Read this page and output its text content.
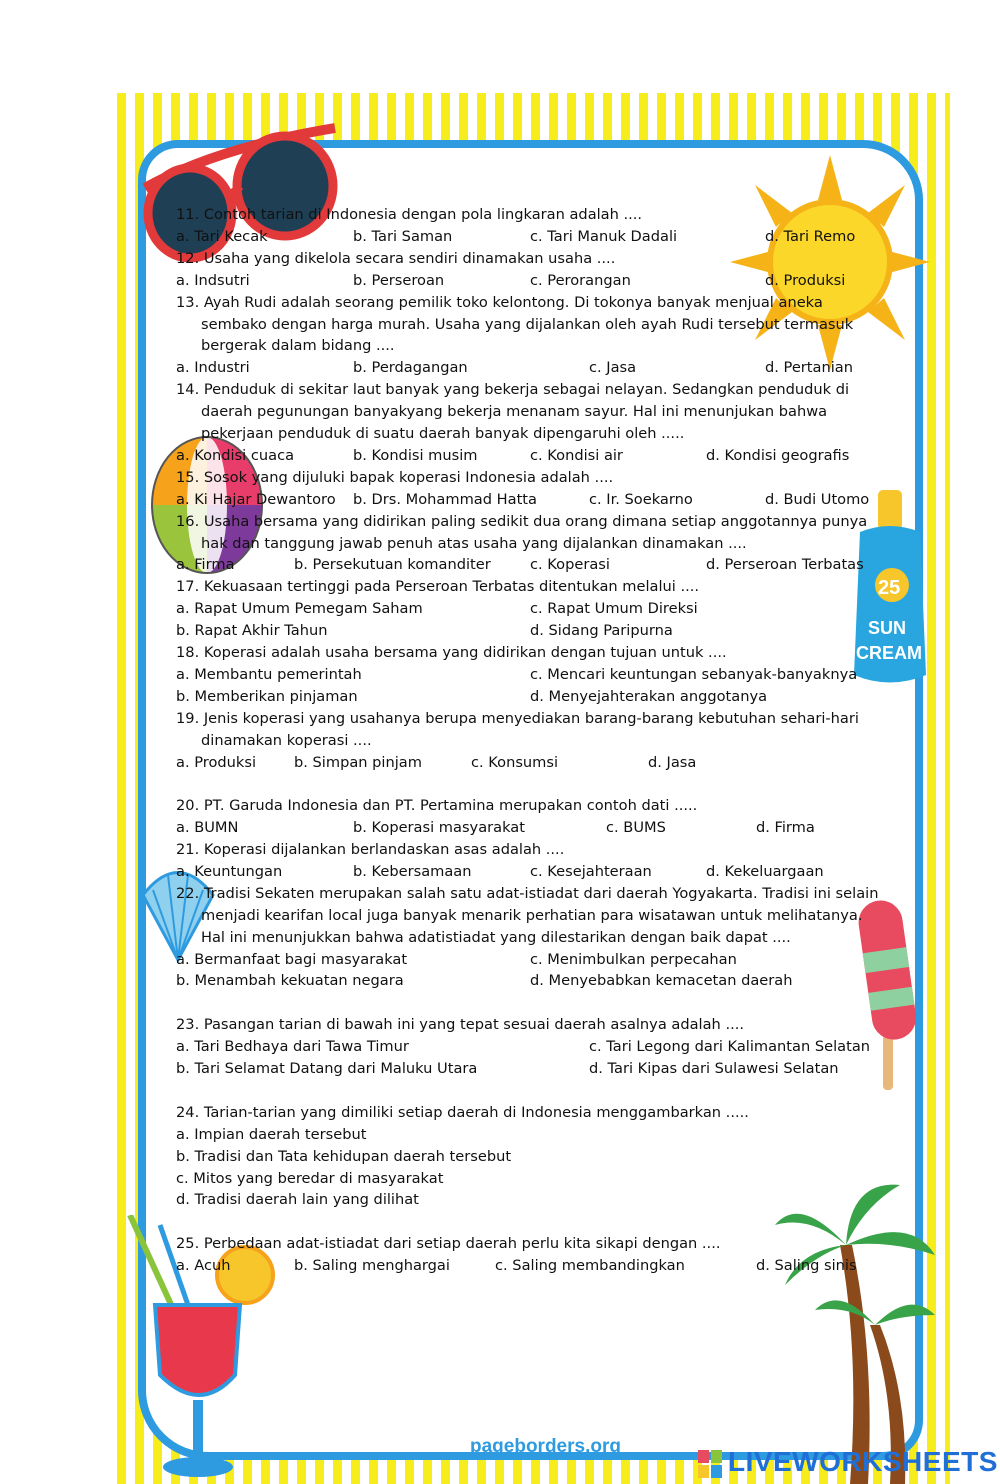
25
SUN
CREAM
11. Contoh tarian di Indonesia dengan pola lingkaran adalah ....
a. Tari Kecak	b. Tari Saman	c. Tari Manuk Dadali	d. Tari Remo
12. Usaha yang dikelola secara sendiri dinamakan usaha ....
a. Indsutri	b. Perseroan	c. Perorangan	d. Produksi
13. Ayah Rudi adalah seorang pemilik toko kelontong. Di tokonya banyak menjual aneka
sembako dengan harga murah. Usaha yang dijalankan oleh ayah Rudi tersebut termasuk
bergerak dalam bidang ....
a. Industri	b. Perdagangan	c. Jasa	d. Pertanian
14. Penduduk di sekitar laut banyak yang bekerja sebagai nelayan. Sedangkan penduduk di
daerah pegunungan banyakyang bekerja menanam sayur. Hal ini menunjukan bahwa
pekerjaan penduduk di suatu daerah banyak dipengaruhi oleh .....
a. Kondisi cuaca	b. Kondisi musim	c. Kondisi air	d. Kondisi geografis
15. Sosok yang dijuluki bapak koperasi Indonesia adalah ....
a. Ki Hajar Dewantoro b. Drs. Mohammad Hatta	c. Ir. Soekarno	d. Budi Utomo
16. Usaha bersama yang didirikan paling sedikit dua orang dimana setiap anggotannya punya
hak dan tanggung jawab penuh atas usaha yang dijalankan dinamakan ....
a. Firma	b. Persekutuan komanditer	c. Koperasi	d. Perseroan Terbatas
17. Kekuasaan tertinggi pada Perseroan Terbatas ditentukan melalui ....
a. Rapat Umum Pemegam Saham	c. Rapat Umum Direksi
b. Rapat Akhir Tahun	d. Sidang Paripurna
18. Koperasi adalah usaha bersama yang didirikan dengan tujuan untuk ....
a. Membantu pemerintah	c. Mencari keuntungan sebanyak-banyaknya
b. Memberikan pinjaman	d. Menyejahterakan anggotanya
19. Jenis koperasi yang usahanya berupa menyediakan barang-barang kebutuhan sehari-hari
dinamakan koperasi ....
a. Produksi	b. Simpan pinjam	c. Konsumsi	d. Jasa
20. PT. Garuda Indonesia dan PT. Pertamina merupakan contoh dati .....
a. BUMN	b. Koperasi masyarakat	c. BUMS	d. Firma
21. Koperasi dijalankan berlandaskan asas adalah ....
a. Keuntungan	b. Kebersamaan	c. Kesejahteraan	d. Kekeluargaan
22. Tradisi Sekaten merupakan salah satu adat-istiadat dari daerah Yogyakarta. Tradisi ini selain
menjadi kearifan local juga banyak menarik perhatian para wisatawan untuk melihatanya.
Hal ini menunjukkan bahwa adatistiadat yang dilestarikan dengan baik dapat ....
a. Bermanfaat bagi masyarakat	c. Menimbulkan perpecahan
b. Menambah kekuatan negara	d. Menyebabkan kemacetan daerah
23. Pasangan tarian di bawah ini yang tepat sesuai daerah asalnya adalah ....
a. Tari Bedhaya dari Tawa Timur	c. Tari Legong dari Kalimantan Selatan
b. Tari Selamat Datang dari Maluku Utara	d. Tari Kipas dari Sulawesi Selatan
24. Tarian-tarian yang dimiliki setiap daerah di Indonesia menggambarkan .....
a. Impian daerah tersebut
b. Tradisi dan Tata kehidupan daerah tersebut
c. Mitos yang beredar di masyarakat
d. Tradisi daerah lain yang dilihat
25. Perbedaan adat-istiadat dari setiap daerah perlu kita sikapi dengan ....
a. Acuh	b. Saling menghargai	c. Saling membandingkan	d. Saling sinis
pageborders.org	LIVEWORKSHEETS
